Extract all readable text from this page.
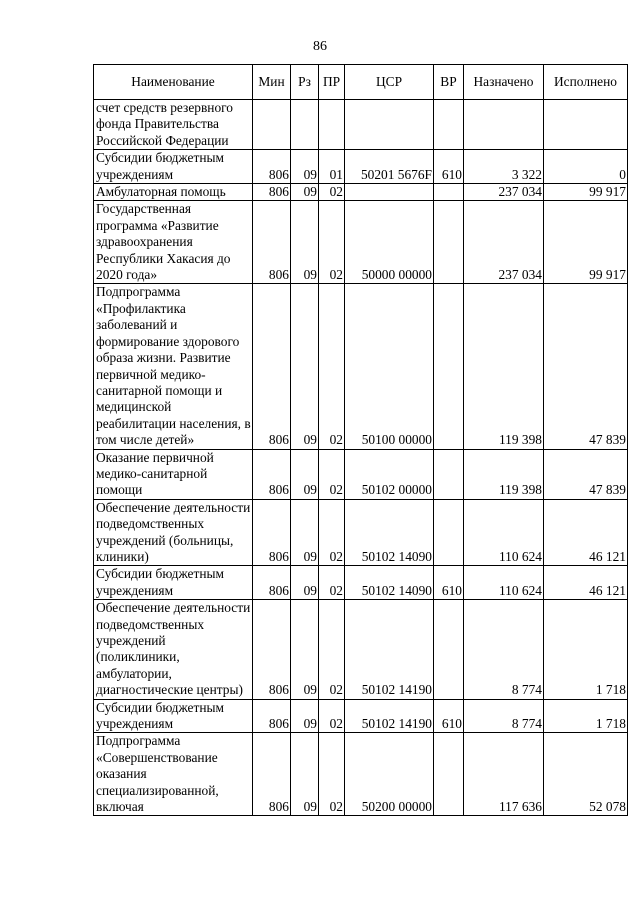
86
Наименование	Мин	Рз	ПР	ЦСР	ВР	Назначено	Исполнено
счет средств резервного фонда Правительства Российской Федерации							
Субсидии бюджетным учреждениям	806	09	01	50201 5676F	610	3 322	0
Амбулаторная помощь	806	09	02			237 034	99 917
Государственная программа «Развитие здравоохранения Республики Хакасия до 2020 года»	806	09	02	50000 00000		237 034	99 917
Подпрограмма «Профилактика заболеваний и формирование здорового образа жизни. Развитие первичной медико-санитарной помощи и медицинской реабилитации населения, в том числе детей»	806	09	02	50100 00000		119 398	47 839
Оказание первичной медико-санитарной помощи	806	09	02	50102 00000		119 398	47 839
Обеспечение деятельности подведомственных учреждений (больницы, клиники)	806	09	02	50102 14090		110 624	46 121
Субсидии бюджетным учреждениям	806	09	02	50102 14090	610	110 624	46 121
Обеспечение деятельности подведомственных учреждений (поликлиники, амбулатории, диагностические центры)	806	09	02	50102 14190		8 774	1 718
Субсидии бюджетным учреждениям	806	09	02	50102 14190	610	8 774	1 718
Подпрограмма «Совершенствование оказания специализированной, включая	806	09	02	50200 00000		117 636	52 078
